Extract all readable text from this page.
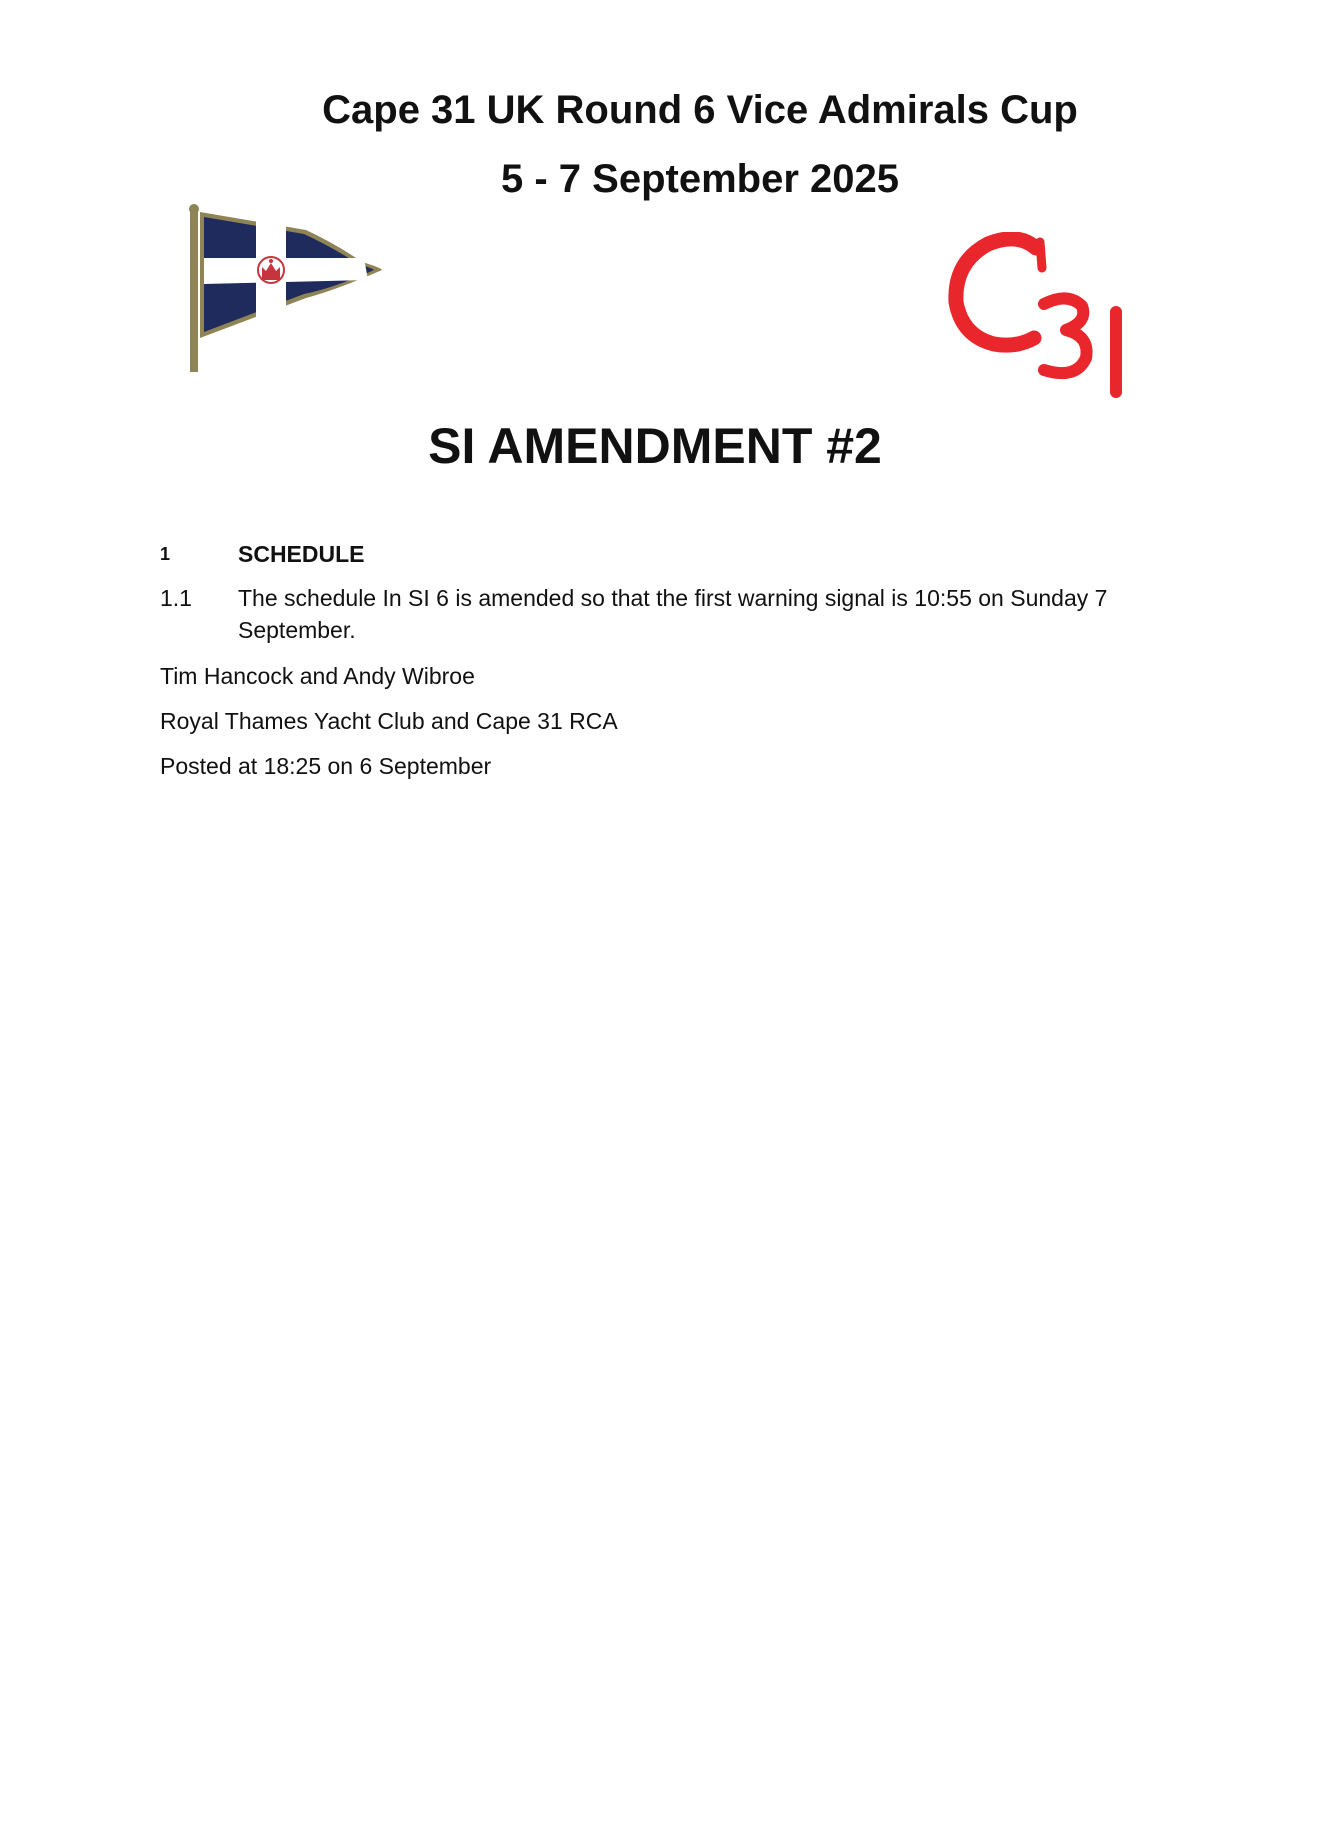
Cape 31 UK Round 6 Vice Admirals Cup
5 - 7 September 2025
SI AMENDMENT #2
1	SCHEDULE
1.1 The schedule In SI 6 is amended so that the first warning signal is 10:55 on Sunday 7 September.

Tim Hancock and Andy Wibroe

Royal Thames Yacht Club and Cape 31 RCA

Posted at 18:25 on 6 September
